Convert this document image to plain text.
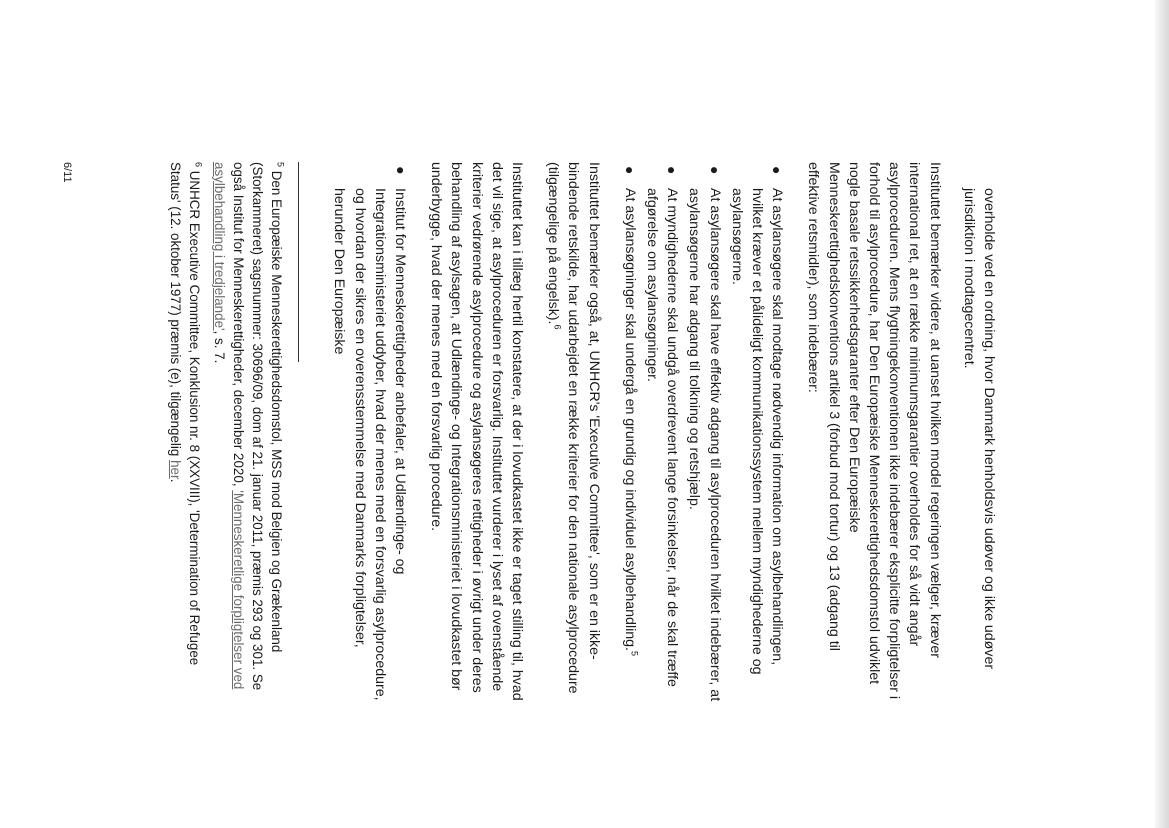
overholde ved en ordning, hvor Danmark henholdsvis udøver og ikke udøver jurisdiktion i modtagecentret.

Instituttet bemærker videre, at uanset hvilken model regeringen vælger, kræver international ret, at en række minimumsgarantier overholdes for så vidt angår asylproceduren. Mens flygtningekonventionen ikke indebærer eksplicitte forpligtelser i forhold til asylprocedure, har Den Europæiske Menneskerettighedsdomstol udviklet nogle basale retssikkerhedsgaranter efter Den Europæiske Menneskerettighedskonventions artikel 3 (forbud mod tortur) og 13 (adgang til effektive retsmidler), som indebærer:

●
At asylansøgere skal modtage nødvendig information om asylbehandlingen, hvilket kræver et pålideligt kommunikationssystem mellem myndighederne og asylansøgerne.
●
At asylansøgere skal have effektiv adgang til asylproceduren hvilket indebærer, at asylansøgerne har adgang til tolkning og retshjælp.
●
At myndighederne skal undgå overdrevent lange forsinkelser, når de skal træffe afgørelse om asylansøgninger.
●
At asylansøgninger skal undergå en grundig og individuel asylbehandling.$^5$

Instituttet bemærker også, at, UNHCR's 'Executive Committee', som er en ikke-bindende retskilde, har udarbejdet en række kriterier for den nationale asylprocedure (tilgængelige på engelsk).$^6$

Instituttet kan i tillæg hertil konstatere, at der i lovudkastet ikke er taget stilling til, hvad det vil sige, at asylproceduren er forsvarlig. Instituttet vurderer i lyset af ovenstående kriterier vedrørende asylprocedure og asylansøgeres rettigheder i øvrigt under deres behandling af asylsagen, at Udlændinge- og Integrationsministeriet i lovudkastet bør underbygge, hvad der menes med en forsvarlig procedure.

●
Institut for Menneskerettigheder anbefaler, at Udlændinge- og Integrationsministeriet uddyber, hvad der menes med en forsvarlig asylprocedure, og hvordan der sikres en overensstemmelse med Danmarks forpligtelser, herunder Den Europæiske

$^5$ Den Europæiske Menneskerettighedsdomstol, MSS mod Belgien og Grækenland (Storkammeret) sagsnummer: 30696/09, dom af 21. januar 2011, præmis 293 og 301. Se også Institut for Menneskerettigheder, december 2020, 'Menneskeretlige forpligtelser ved asylbehandling i tredjelande', s. 7.

$^6$ UNHCR Executive Committee, Konklusion nr. 8 (XXVIII), 'Determination of Refugee Status' (12. oktober 1977) præmis (e), tilgængelig her.

6/11
